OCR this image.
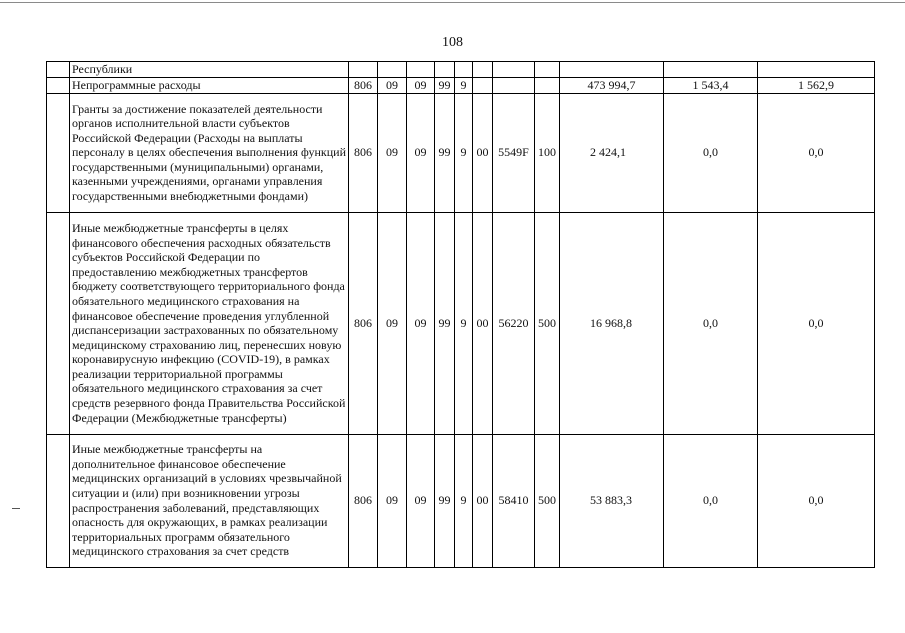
108
	Республики											
	Непрограммные расходы	806	09	09	99	9				473 994,7	1 543,4	1 562,9
	Гранты за достижение показателей деятельности органов исполнительной власти субъектов Российской Федерации (Расходы на выплаты персоналу в целях обеспечения выполнения функций государственными (муниципальными) органами, казенными учреждениями, органами управления государственными внебюджетными фондами)	806	09	09	99	9	00	5549F	100	2 424,1	0,0	0,0
	Иные межбюджетные трансферты в целях финансового обеспечения расходных обязательств субъектов Российской Федерации по предоставлению межбюджетных трансфертов бюджету соответствующего территориального фонда обязательного медицинского страхования на финансовое обеспечение проведения углубленной диспансеризации застрахованных по обязательному медицинскому страхованию лиц, перенесших новую коронавирусную инфекцию (COVID-19), в рамках реализации территориальной программы обязательного медицинского страхования за счет средств резервного фонда Правительства Российской Федерации (Межбюджетные трансферты)	806	09	09	99	9	00	56220	500	16 968,8	0,0	0,0
	Иные межбюджетные трансферты на дополнительное финансовое обеспечение медицинских организаций в условиях чрезвычайной ситуации и (или) при возникновении угрозы распространения заболеваний, представляющих опасность для окружающих, в рамках реализации территориальных программ обязательного медицинского страхования за счет средств	806	09	09	99	9	00	58410	500	53 883,3	0,0	0,0
